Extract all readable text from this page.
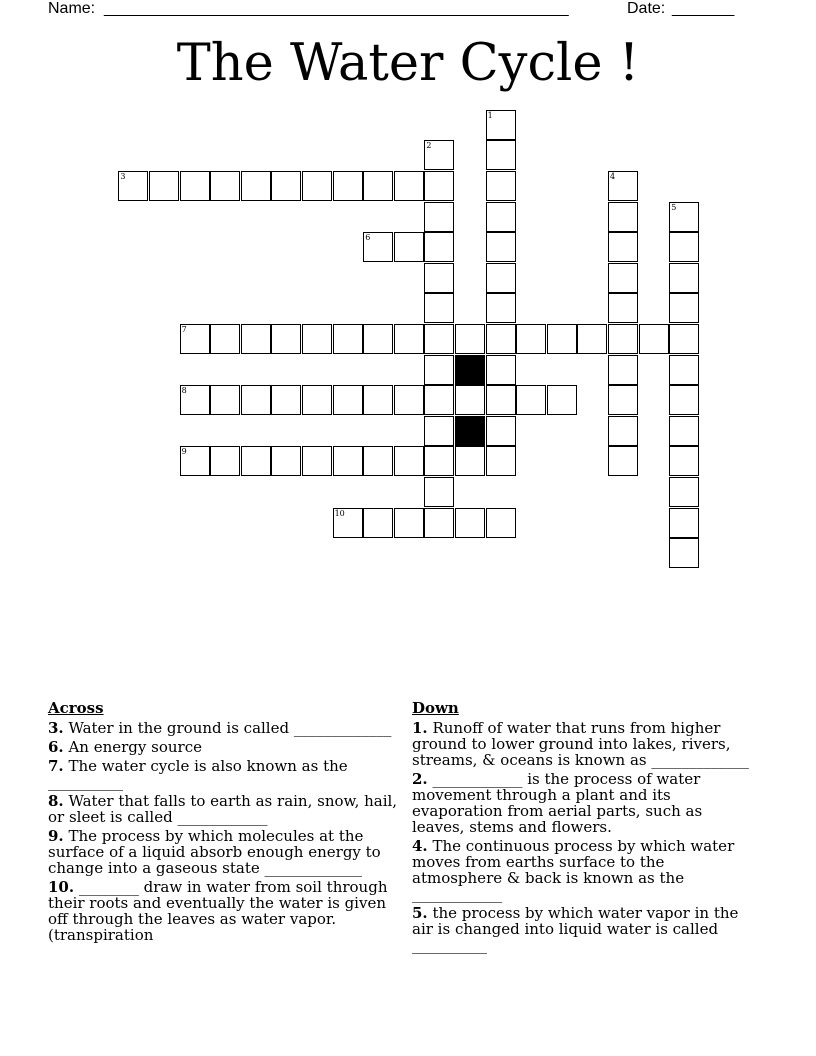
Name: ______________________________________________________	Date: _______
The Water Cycle !
1
2
3	4
5
6
7
8
9
10
Across
3. Water in the ground is called _____________
6. An energy source
7. The water cycle is also known as the __________
8. Water that falls to earth as rain, snow, hail, or sleet is called ____________
9. The process by which molecules at the surface of a liquid absorb enough energy to change into a gaseous state _____________
10. ________ draw in water from soil through their roots and eventually the water is given off through the leaves as water vapor. (transpiration
Down
1. Runoff of water that runs from higher ground to lower ground into lakes, rivers, streams, & oceans is known as _____________
2. ____________ is the process of water movement through a plant and its evaporation from aerial parts, such as leaves, stems and flowers.
4. The continuous process by which water moves from earths surface to the atmosphere & back is known as the ____________
5. the process by which water vapor in the air is changed into liquid water is called __________
